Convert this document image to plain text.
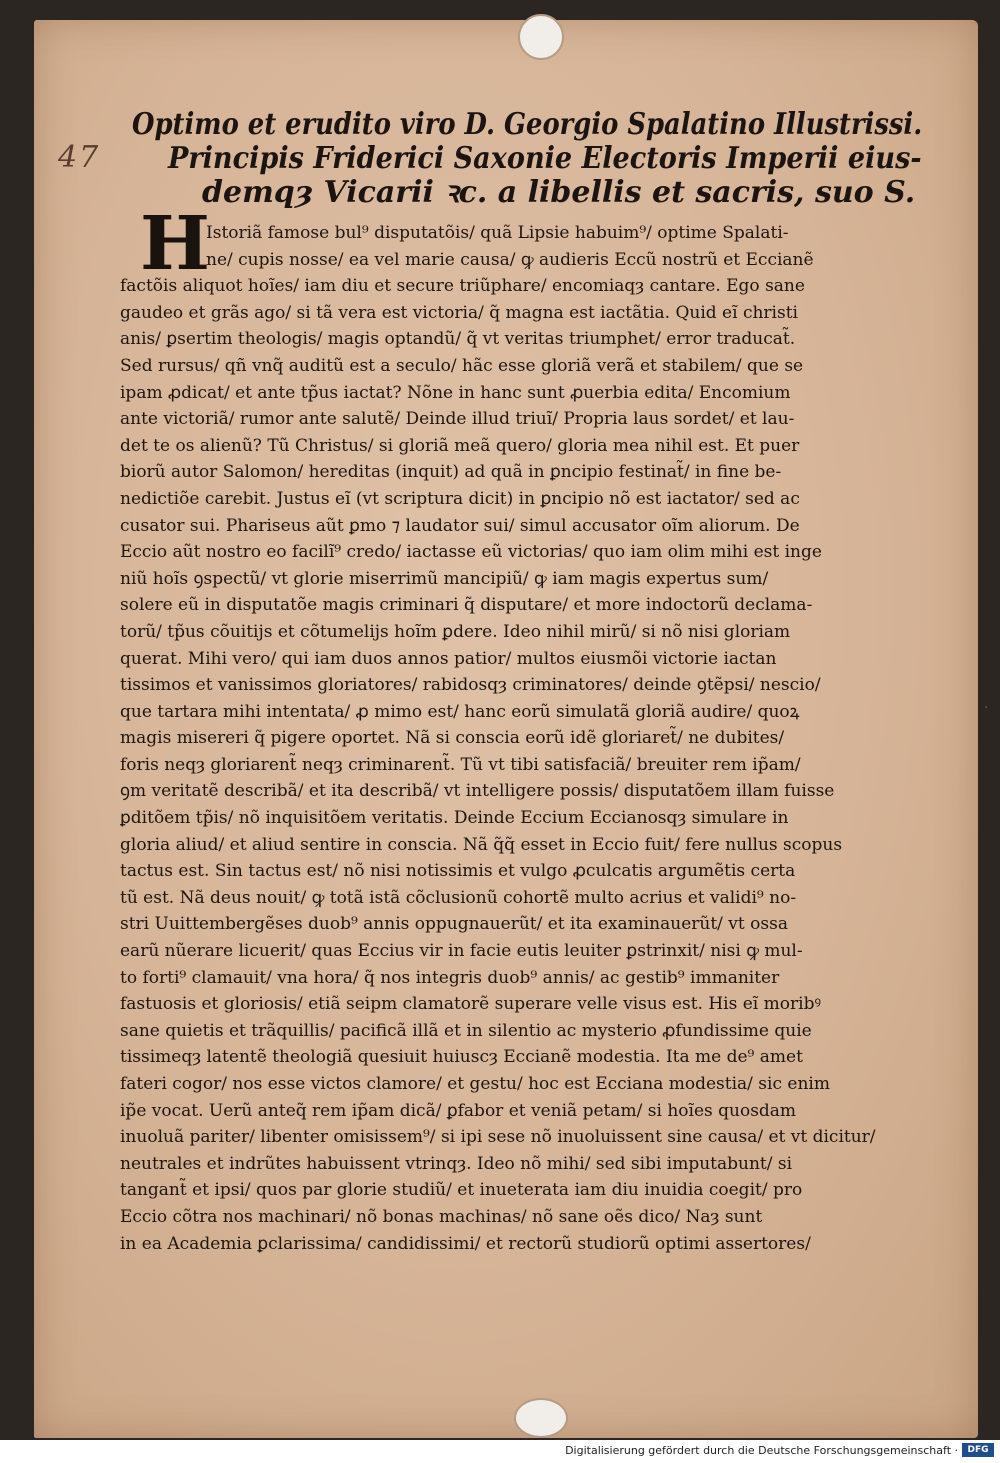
47
·
Optimo et erudito viro D. Georgio Spalatino Illustrissi.
Principis Friderici Saxonie Electoris Imperii eius-
demqȝ Vicarii ꝛc. a libellis et sacris, suo S.
H
Istoriã famose bul⁹ disputatõis/ quã Lipsie habuim⁹/ optime Spalati-
ne/ cupis nosse/ ea vel marie causa/ ꝙ audieris Eccũ nostrũ et Eccianẽ
factõis aliquot hoĩes/ iam diu et secure triũphare/ encomiaqȝ cantare. Ego sane
gaudeo et grãs ago/ si tã vera est victoria/ q̃ magna est iactãtia. Quid eĩ christi
anis/ ꝑsertim theologis/ magis optandũ/ q̃ vt veritas triumphet/ error traducat̃.
Sed rursus/ qñ vnq̃ auditũ est a seculo/ hãc esse gloriã verã et stabilem/ que se
ipam ꝓdicat/ et ante tp̃us iactat? Nõne in hanc sunt ꝓuerbia edita/ Encomium
ante victoriã/ rumor ante salutẽ/ Deinde illud triuĩ/ Propria laus sordet/ et lau-
det te os alienũ? Tũ Christus/ si gloriã meã quero/ gloria mea nihil est. Et puer
biorũ autor Salomon/ hereditas (inquit) ad quã in ꝑncipio festinat̃/ in fine be-
nedictiõe carebit. Justus eĩ (vt scriptura dicit) in ꝑncipio nõ est iactator/ sed ac
cusator sui. Phariseus aũt ꝑmo ⁊ laudator sui/ simul accusator oĩm aliorum. De
Eccio aũt nostro eo facilĩ⁹ credo/ iactasse eũ victorias/ quo iam olim mihi est inge
niũ hoĩs ꝯspectũ/ vt glorie miserrimũ mancipiũ/ ꝙ iam magis expertus sum/
solere eũ in disputatõe magis criminari q̃ disputare/ et more indoctorũ declama-
torũ/ tp̃us cõuitijs et cõtumelijs hoĩm ꝑdere. Ideo nihil mirũ/ si nõ nisi gloriam
querat. Mihi vero/ qui iam duos annos patior/ multos eiusmõi victorie iactan
tissimos et vanissimos gloriatores/ rabidosqȝ criminatores/ deinde ꝯtẽpsi/ nescio/
que tartara mihi intentata/ ꝓ mimo est/ hanc eorũ simulatã gloriã audire/ quoꝝ
magis misereri q̃ pigere oportet. Nã si conscia eorũ idẽ gloriaret̃/ ne dubites/
foris neqȝ gloriarent̃ neqȝ criminarent̃. Tũ vt tibi satisfaciã/ breuiter rem ip̃am/
ꝯm veritatẽ describã/ et ita describã/ vt intelligere possis/ disputatõem illam fuisse
ꝑditõem tp̃is/ nõ inquisitõem veritatis. Deinde Eccium Eccianosqȝ simulare in
gloria aliud/ et aliud sentire in conscia. Nã q̃q̃ esset in Eccio fuit/ fere nullus scopus
tactus est. Sin tactus est/ nõ nisi notissimis et vulgo ꝓculcatis argumẽtis certa
tũ est. Nã deus nouit/ ꝙ totã istã cõclusionũ cohortẽ multo acrius et validi⁹ no-
stri Uuittembergẽses duob⁹ annis oppugnauerũt/ et ita examinauerũt/ vt ossa
earũ nũerare licuerit/ quas Eccius vir in facie eutis leuiter ꝑstrinxit/ nisi ꝙ mul-
to forti⁹ clamauit/ vna hora/ q̃ nos integris duob⁹ annis/ ac gestib⁹ immaniter
fastuosis et gloriosis/ etiã seipm clamatorẽ superare velle visus est. His eĩ moribꝰ
sane quietis et trãquillis/ pacificã illã et in silentio ac mysterio ꝓfundissime quie
tissimeqȝ latentẽ theologiã quesiuit huiuscȝ Eccianẽ modestia. Ita me de⁹ amet
fateri cogor/ nos esse victos clamore/ et gestu/ hoc est Ecciana modestia/ sic enim
ip̃e vocat. Uerũ anteq̃ rem ip̃am dicã/ ꝑfabor et veniã petam/ si hoĩes quosdam
inuoluã pariter/ libenter omisissem⁹/ si ipi sese nõ inuoluissent sine causa/ et vt dicitur/
neutrales et indrũtes habuissent vtrinqȝ. Ideo nõ mihi/ sed sibi imputabunt/ si
tangant̃ et ipsi/ quos par glorie studiũ/ et inueterata iam diu inuidia coegit/ pro
Eccio cõtra nos machinari/ nõ bonas machinas/ nõ sane oẽs dico/ Naȝ sunt
in ea Academia ꝑclarissima/ candidissimi/ et rectorũ studiorũ optimi assertores/
Digitalisierung gefördert durch die Deutsche Forschungsgemeinschaft ·	DFG
